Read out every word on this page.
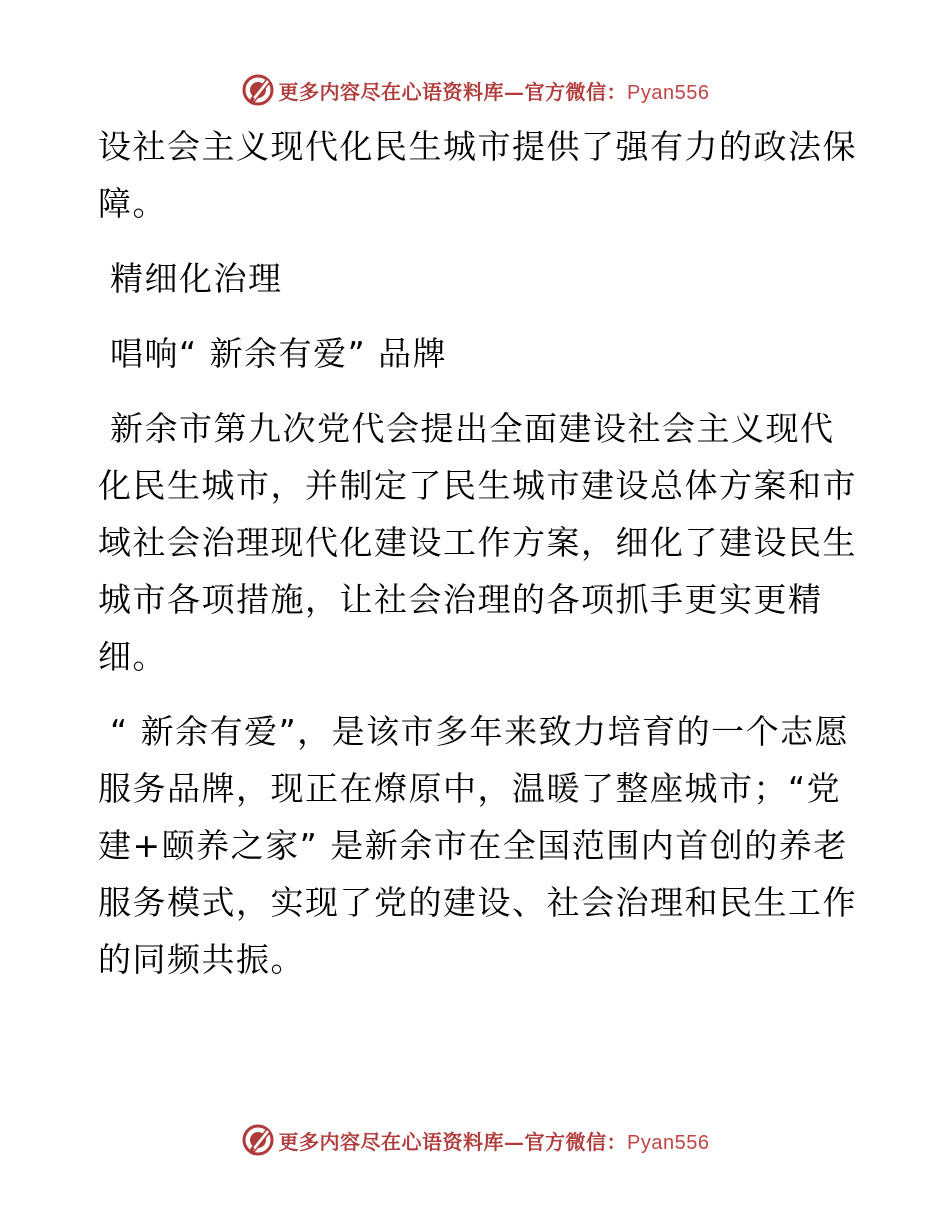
更多内容尽在心语资料库—官方微信：Pyan556

设社会主义现代化民生城市提供了强有力的政法保障。

精细化治理

唱响“ 新余有爱” 品牌

新余市第九次党代会提出全面建设社会主义现代化民生城市，并制定了民生城市建设总体方案和市域社会治理现代化建设工作方案，细化了建设民生城市各项措施，让社会治理的各项抓手更实更精细。

“ 新余有爱”，是该市多年来致力培育的一个志愿服务品牌，现正在燎原中，温暖了整座城市；“党建+颐养之家” 是新余市在全国范围内首创的养老服务模式，实现了党的建设、社会治理和民生工作的同频共振。

更多内容尽在心语资料库—官方微信：Pyan556
